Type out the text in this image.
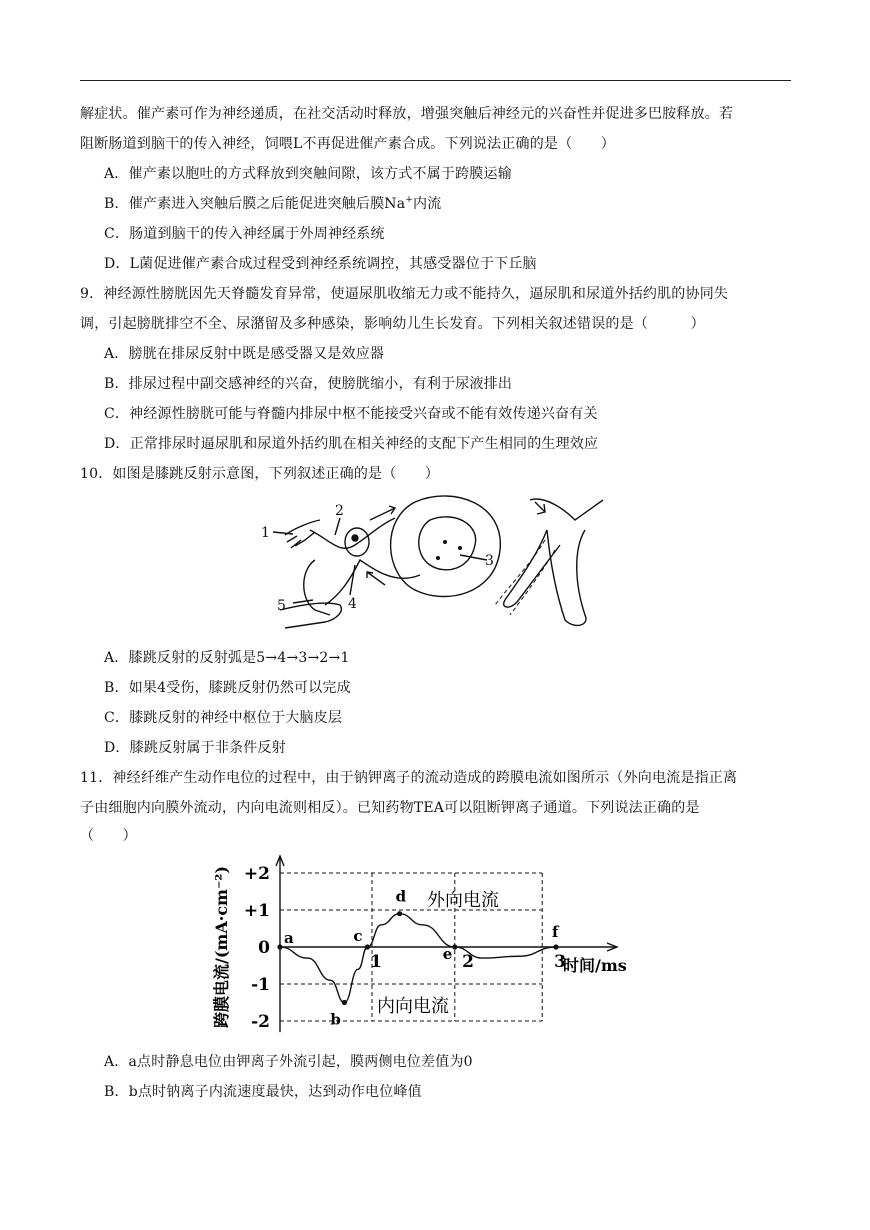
解症状。催产素可作为神经递质，在社交活动时释放，增强突触后神经元的兴奋性并促进多巴胺释放。若
阻断肠道到脑干的传入神经，饲喂L不再促进催产素合成。下列说法正确的是（　　）
A．催产素以胞吐的方式释放到突触间隙，该方式不属于跨膜运输
B．催产素进入突触后膜之后能促进突触后膜Na+内流
C．肠道到脑干的传入神经属于外周神经系统
D．L菌促进催产素合成过程受到神经系统调控，其感受器位于下丘脑
9．神经源性膀胱因先天脊髓发育异常，使逼尿肌收缩无力或不能持久，逼尿肌和尿道外括约肌的协同失
调，引起膀胱排空不全、尿潴留及多种感染，影响幼儿生长发育。下列相关叙述错误的是（　　　）
A．膀胱在排尿反射中既是感受器又是效应器
B．排尿过程中副交感神经的兴奋，使膀胱缩小，有利于尿液排出
C．神经源性膀胱可能与脊髓内排尿中枢不能接受兴奋或不能有效传递兴奋有关
D．正常排尿时逼尿肌和尿道外括约肌在相关神经的支配下产生相同的生理效应
10．如图是膝跳反射示意图，下列叙述正确的是（　　）
1
2
3
4
5
A．膝跳反射的反射弧是5→4→3→2→1
B．如果4受伤，膝跳反射仍然可以完成
C．膝跳反射的神经中枢位于大脑皮层
D．膝跳反射属于非条件反射
11．神经纤维产生动作电位的过程中，由于钠钾离子的流动造成的跨膜电流如图所示（外向电流是指正离
子由细胞内向膜外流动，内向电流则相反）。已知药物TEA可以阻断钾离子通道。下列说法正确的是
（　　）
+2
+1
0
-1
-2
1	2	3
时间/ms
跨膜电流/(mA·cm⁻²)	a
b
c
d
e
f
外向电流
内向电流
A．a点时静息电位由钾离子外流引起，膜两侧电位差值为0
B．b点时钠离子内流速度最快，达到动作电位峰值
